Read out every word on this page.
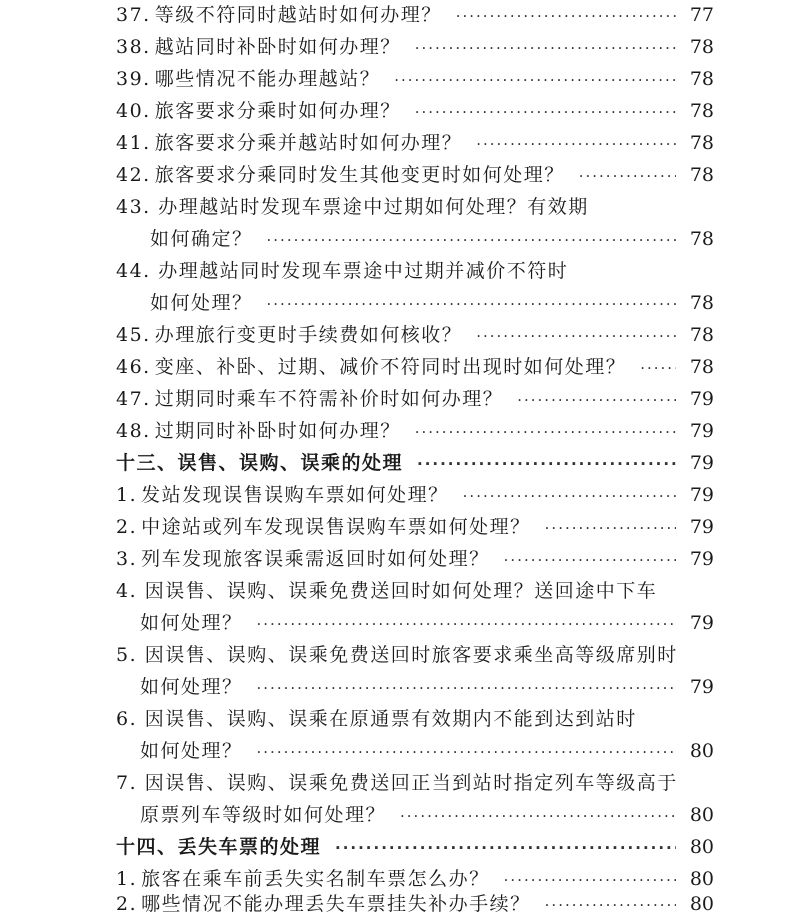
37. 等级不符同时越站时如何办理？ ·····	77
38. 越站同时补卧时如何办理？ ·····	78
39. 哪些情况不能办理越站？ ·····	78
40. 旅客要求分乘时如何办理？ ·····	78
41. 旅客要求分乘并越站时如何办理？ ·····	78
42. 旅客要求分乘同时发生其他变更时如何处理？ ·····	78
43. 办理越站时发现车票途中过期如何处理？有效期
如何确定？ ·····	78
44. 办理越站同时发现车票途中过期并减价不符时
如何处理？ ·····	78
45. 办理旅行变更时手续费如何核收？ ·····	78
46. 变座、补卧、过期、减价不符同时出现时如何处理？ ·····	78
47. 过期同时乘车不符需补价时如何办理？ ·····	79
48. 过期同时补卧时如何办理？ ·····	79
十三、误售、误购、误乘的处理 ·····	79
1. 发站发现误售误购车票如何处理？ ·····	79
2. 中途站或列车发现误售误购车票如何处理？ ·····	79
3. 列车发现旅客误乘需返回时如何处理？ ·····	79
4. 因误售、误购、误乘免费送回时如何处理？送回途中下车
如何处理？ ·····	79
5. 因误售、误购、误乘免费送回时旅客要求乘坐高等级席别时
如何处理？ ·····	79
6. 因误售、误购、误乘在原通票有效期内不能到达到站时
如何处理？ ·····	80
7. 因误售、误购、误乘免费送回正当到站时指定列车等级高于
原票列车等级时如何处理？ ·····	80
十四、丢失车票的处理 ·····	80
1. 旅客在乘车前丢失实名制车票怎么办？ ·····	80
2. 哪些情况不能办理丢失车票挂失补办手续？ ·····	80
